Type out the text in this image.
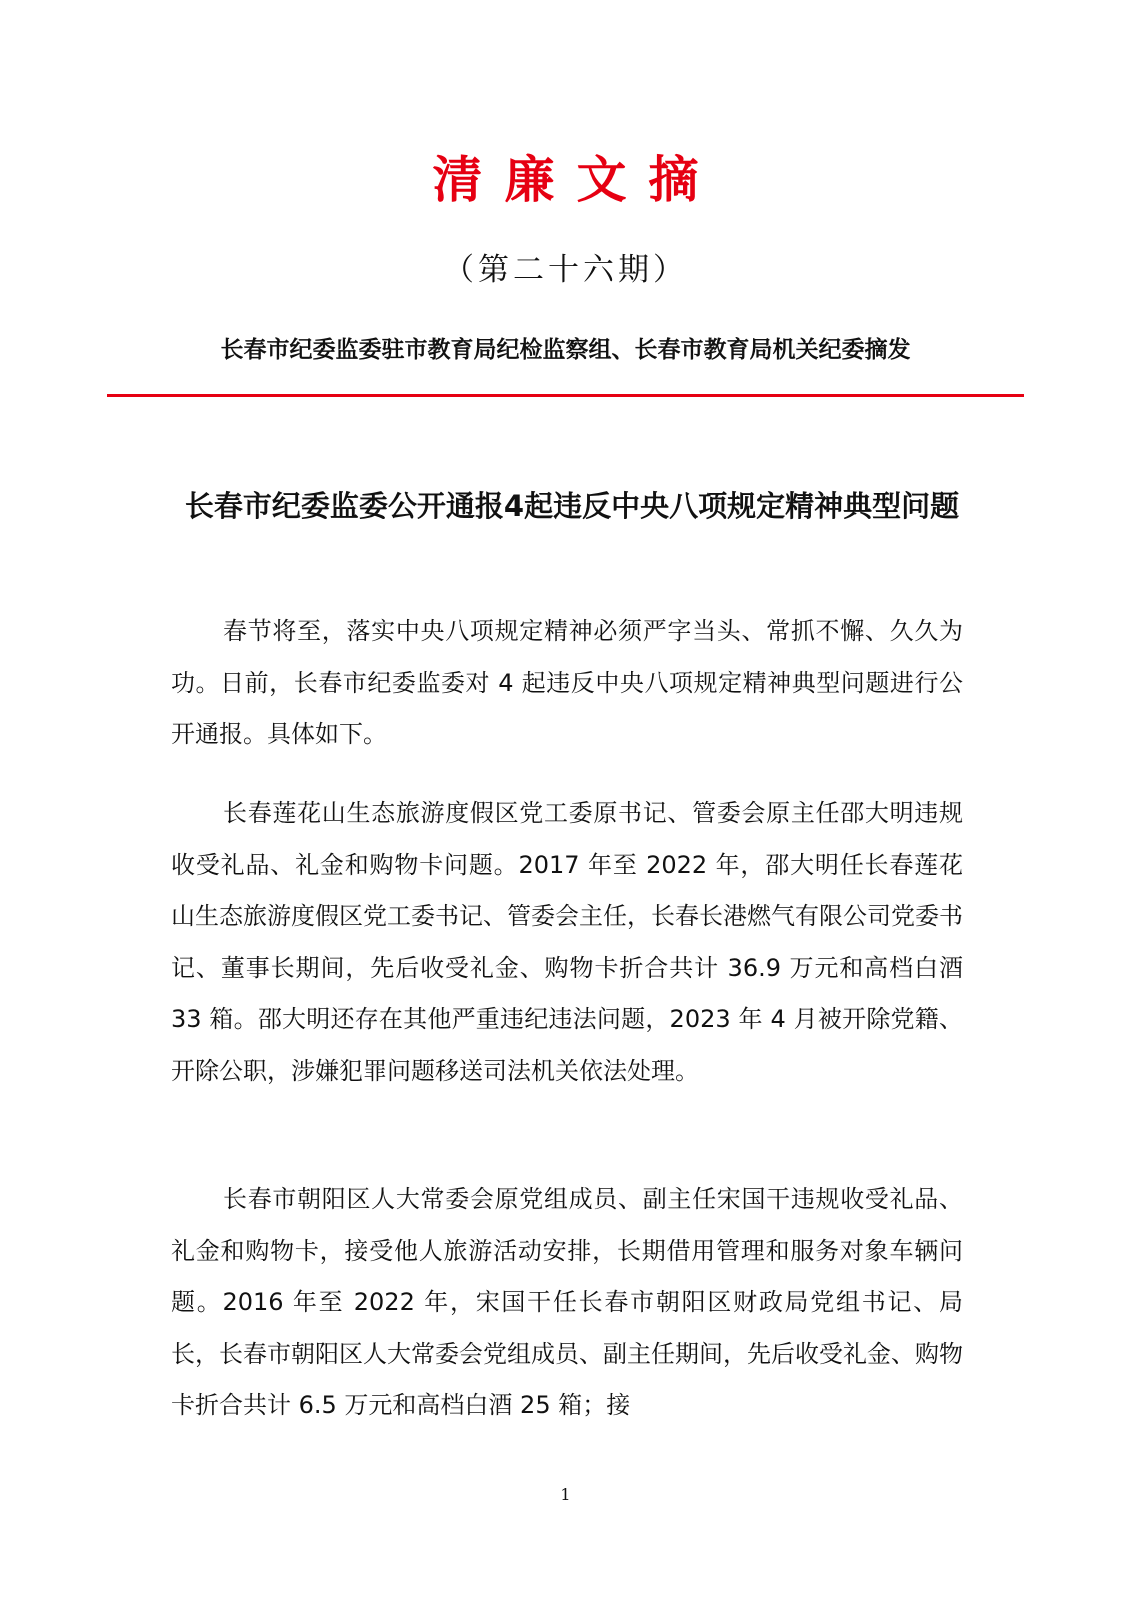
清廉文摘
（第二十六期）
长春市纪委监委驻市教育局纪检监察组、长春市教育局机关纪委摘发
长春市纪委监委公开通报4起违反中央八项规定精神典型问题

春节将至，落实中央八项规定精神必须严字当头、常抓不懈、久久为功。日前，长春市纪委监委对 4 起违反中央八项规定精神典型问题进行公开通报。具体如下。

长春莲花山生态旅游度假区党工委原书记、管委会原主任邵大明违规收受礼品、礼金和购物卡问题。2017 年至 2022 年，邵大明任长春莲花山生态旅游度假区党工委书记、管委会主任，长春长港燃气有限公司党委书记、董事长期间，先后收受礼金、购物卡折合共计 36.9 万元和高档白酒 33 箱。邵大明还存在其他严重违纪违法问题，2023 年 4 月被开除党籍、开除公职，涉嫌犯罪问题移送司法机关依法处理。

长春市朝阳区人大常委会原党组成员、副主任宋国干违规收受礼品、礼金和购物卡，接受他人旅游活动安排，长期借用管理和服务对象车辆问题。2016 年至 2022 年，宋国干任长春市朝阳区财政局党组书记、局长，长春市朝阳区人大常委会党组成员、副主任期间，先后收受礼金、购物卡折合共计 6.5 万元和高档白酒 25 箱；接

1
